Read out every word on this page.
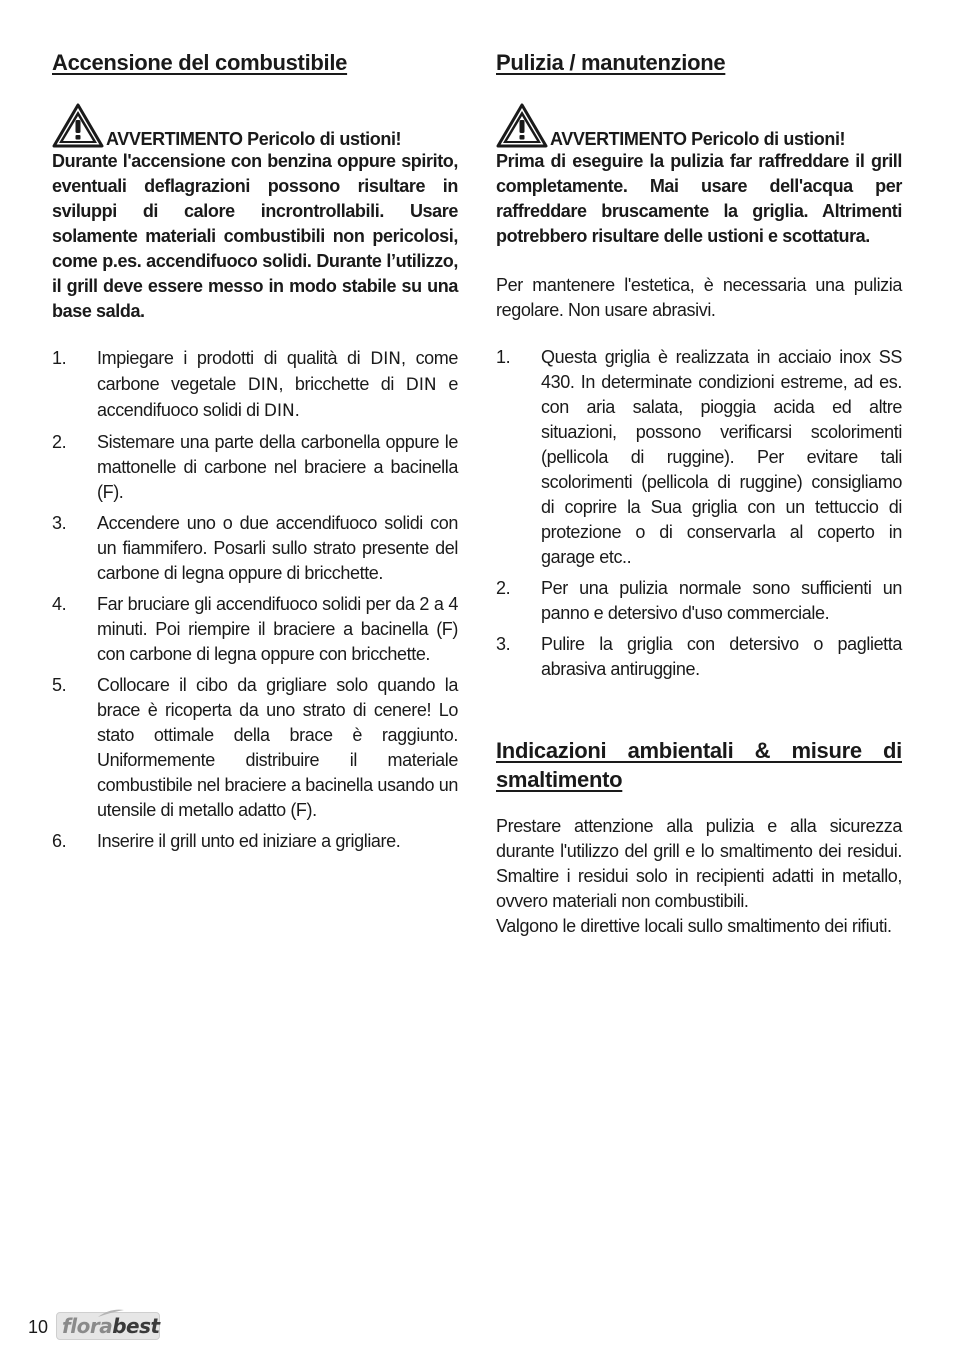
Accensione del combustibile
AVVERTIMENTO Pericolo di ustioni!
Durante l'accensione con benzina oppure spirito, eventuali deflagrazioni possono risultare in sviluppi di calore incrontrollabili. Usare solamente materiali combustibili non pericolosi, come p.es. accendifuoco solidi. Durante l’utilizzo, il grill deve essere messo in modo stabile su una base salda.
1.	Impiegare i prodotti di qualità di DIN, come carbone vegetale DIN, bricchette di DIN e accendifuoco solidi di DIN.
2.	Sistemare una parte della carbonella oppure le mattonelle di carbone nel braciere a bacinella (F).
3.	Accendere uno o due accendifuoco solidi con un fiammifero. Posarli sullo strato presente del carbone di legna oppure di bricchette.
4.	Far bruciare gli accendifuoco solidi per da 2 a 4 minuti. Poi riempire il braciere a bacinella (F) con carbone di legna oppure con bricchette.
5.	Collocare il cibo da grigliare solo quando la brace è ricoperta da uno strato di cenere! Lo stato ottimale della brace è raggiunto. Uniformemente distribuire il materiale combustibile nel braciere a bacinella usando un utensile di metallo adatto (F).
6.	Inserire il grill unto ed iniziare a grigliare.
Pulizia / manutenzione
AVVERTIMENTO Pericolo di ustioni!
Prima di eseguire la pulizia far raffreddare il grill completamente. Mai usare dell'acqua per raffreddare bruscamente la griglia. Altrimenti potrebbero risultare delle ustioni e scottatura.

Per mantenere l'estetica, è necessaria una pulizia regolare. Non usare abrasivi.

1.	Questa griglia è realizzata in acciaio inox SS 430. In determinate condizioni estreme, ad es. con aria salata, pioggia acida ed altre situazioni, possono verificarsi scolorimenti (pellicola di ruggine). Per evitare tali scolorimenti (pellicola di ruggine) consigliamo di coprire la Sua griglia con un tettuccio di protezione o di conservarla al coperto in garage etc..
2.	Per una pulizia normale sono sufficienti un panno e detersivo d'uso commerciale.
3.	Pulire la griglia con detersivo o paglietta abrasiva antiruggine.
Indicazioni ambientali & misure di smaltimento

Prestare attenzione alla pulizia e alla sicurezza durante l'utilizzo del grill e lo smaltimento dei residui. Smaltire i residui solo in recipienti adatti in metallo, ovvero materiali non combustibili.

Valgono le direttive locali sullo smaltimento dei rifiuti.

10 florabest
